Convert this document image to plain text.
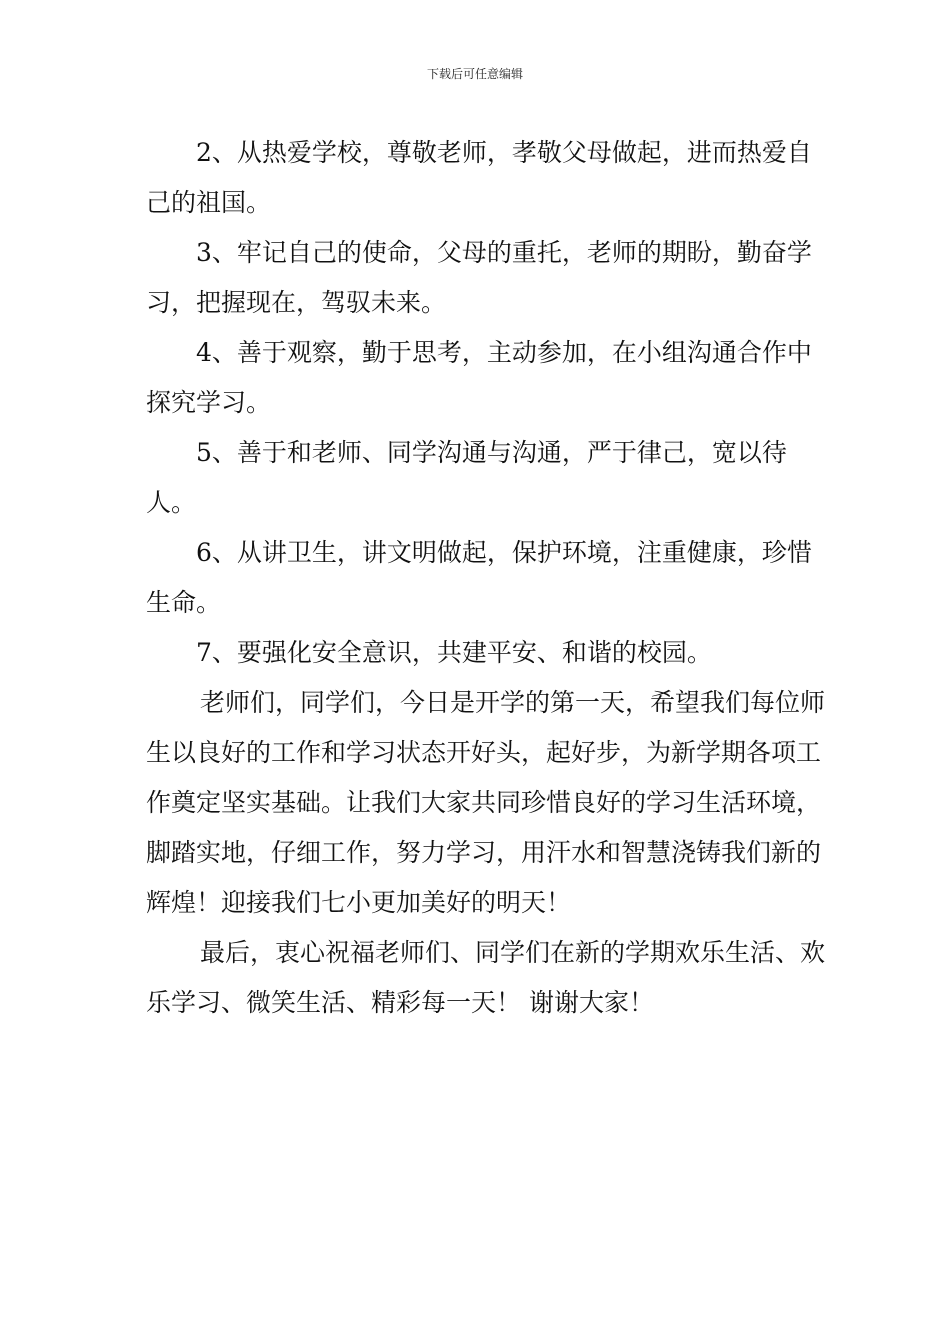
下载后可任意编辑

2、从热爱学校，尊敬老师，孝敬父母做起，进而热爱自己的祖国。

3、牢记自己的使命，父母的重托，老师的期盼，勤奋学习，把握现在，驾驭未来。

4、善于观察，勤于思考，主动参加，在小组沟通合作中探究学习。

5、善于和老师、同学沟通与沟通，严于律己，宽以待人。

6、从讲卫生，讲文明做起，保护环境，注重健康，珍惜生命。

7、要强化安全意识，共建平安、和谐的校园。

老师们，同学们，今日是开学的第一天，希望我们每位师生以良好的工作和学习状态开好头，起好步，为新学期各项工作奠定坚实基础。让我们大家共同珍惜良好的学习生活环境，脚踏实地，仔细工作，努力学习，用汗水和智慧浇铸我们新的辉煌！迎接我们七小更加美好的明天！

最后，衷心祝福老师们、同学们在新的学期欢乐生活、欢乐学习、微笑生活、精彩每一天！ 谢谢大家！
